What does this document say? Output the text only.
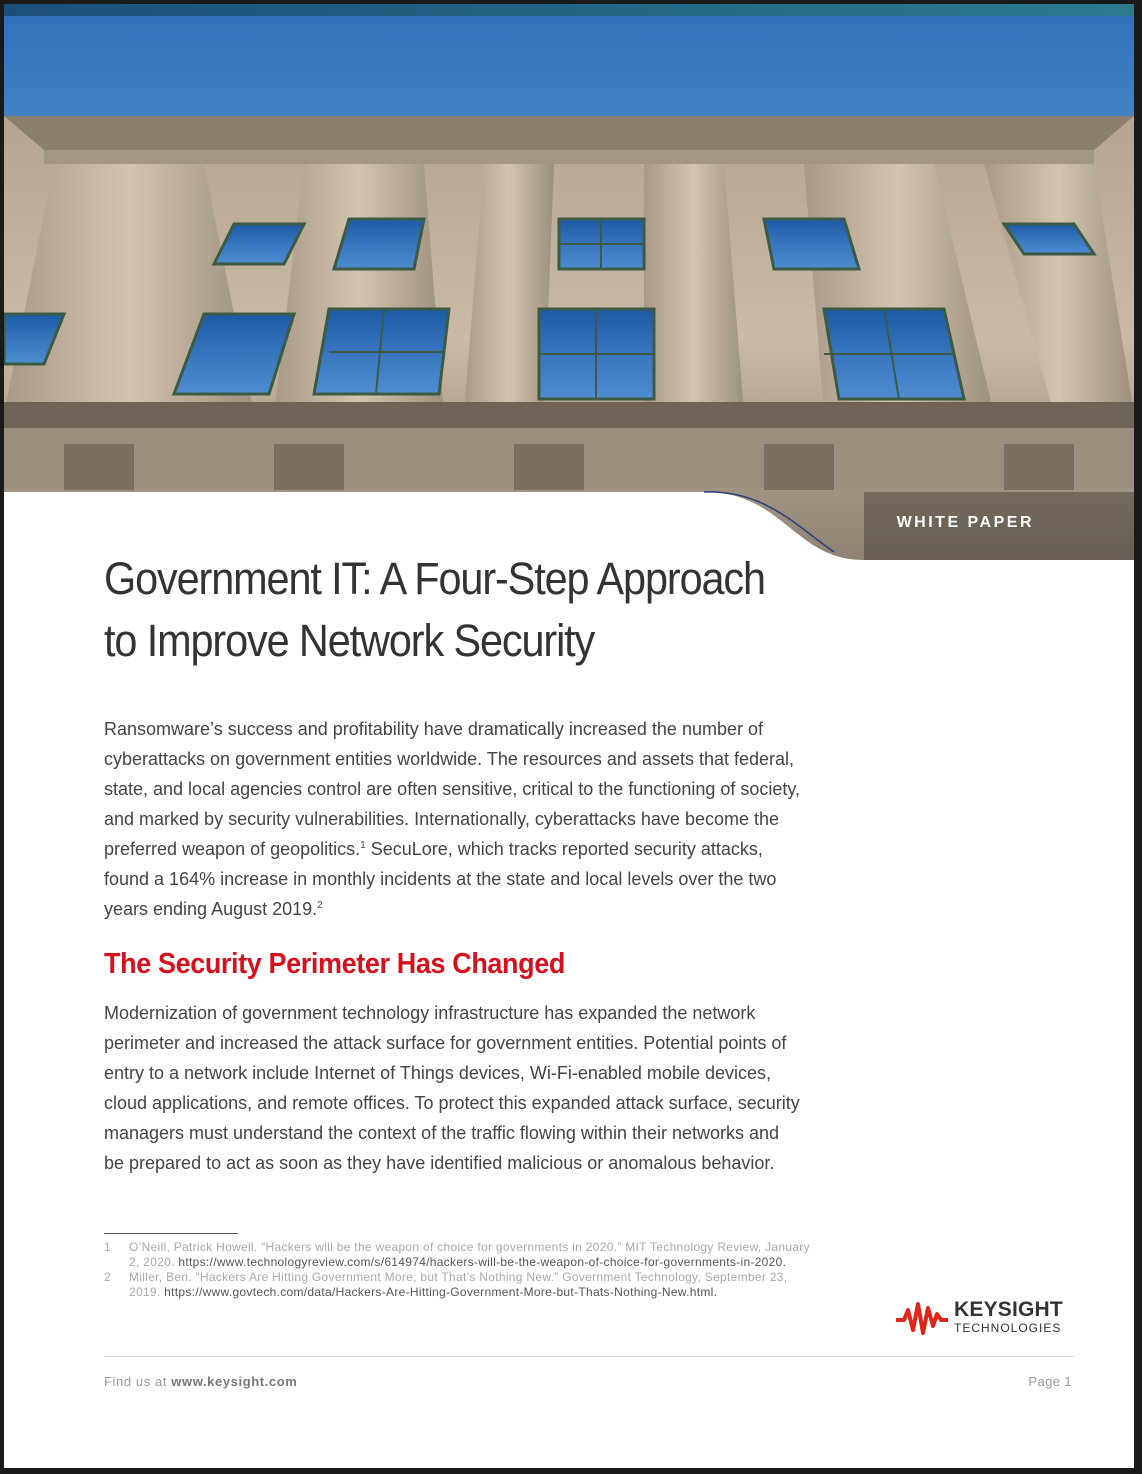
WHITE PAPER
Government IT: A Four-Step Approach to Improve Network Security

Ransomware’s success and profitability have dramatically increased the number of cyberattacks on government entities worldwide. The resources and assets that federal, state, and local agencies control are often sensitive, critical to the functioning of society, and marked by security vulnerabilities. Internationally, cyberattacks have become the preferred weapon of geopolitics.$^1$ SecuLore, which tracks reported security attacks, found a 164% increase in monthly incidents at the state and local levels over the two years ending August 2019.$^2$

The Security Perimeter Has Changed

Modernization of government technology infrastructure has expanded the network perimeter and increased the attack surface for government entities. Potential points of entry to a network include Internet of Things devices, Wi-Fi-enabled mobile devices, cloud applications, and remote offices. To protect this expanded attack surface, security managers must understand the context of the traffic flowing within their networks and be prepared to act as soon as they have identified malicious or anomalous behavior.

1	O’Neill, Patrick Howell. “Hackers will be the weapon of choice for governments in 2020.” MIT Technology Review, January 2, 2020. https://www.technologyreview.com/s/614974/hackers-will-be-the-weapon-of-choice-for-governments-in-2020.
2	Miller, Ben. “Hackers Are Hitting Government More, but That’s Nothing New.” Government Technology, September 23, 2019. https://www.govtech.com/data/Hackers-Are-Hitting-Government-More-but-Thats-Nothing-New.html.
KEYSIGHT
TECHNOLOGIES
Find us at www.keysight.com	Page 1
